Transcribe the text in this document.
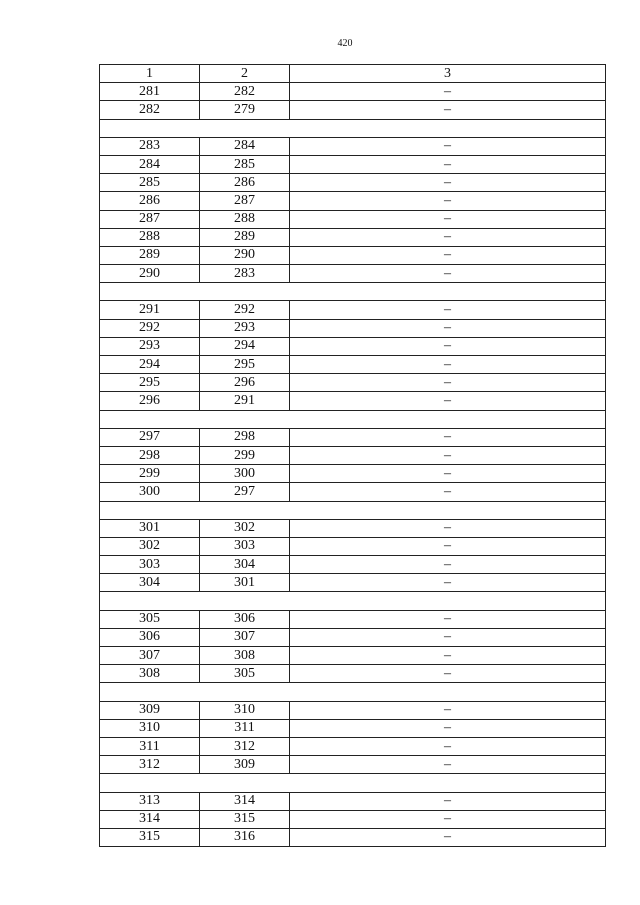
420
1	2	3
281	282	–
282	279	–

283	284	–
284	285	–
285	286	–
286	287	–
287	288	–
288	289	–
289	290	–
290	283	–

291	292	–
292	293	–
293	294	–
294	295	–
295	296	–
296	291	–

297	298	–
298	299	–
299	300	–
300	297	–

301	302	–
302	303	–
303	304	–
304	301	–

305	306	–
306	307	–
307	308	–
308	305	–

309	310	–
310	311	–
311	312	–
312	309	–

313	314	–
314	315	–
315	316	–
